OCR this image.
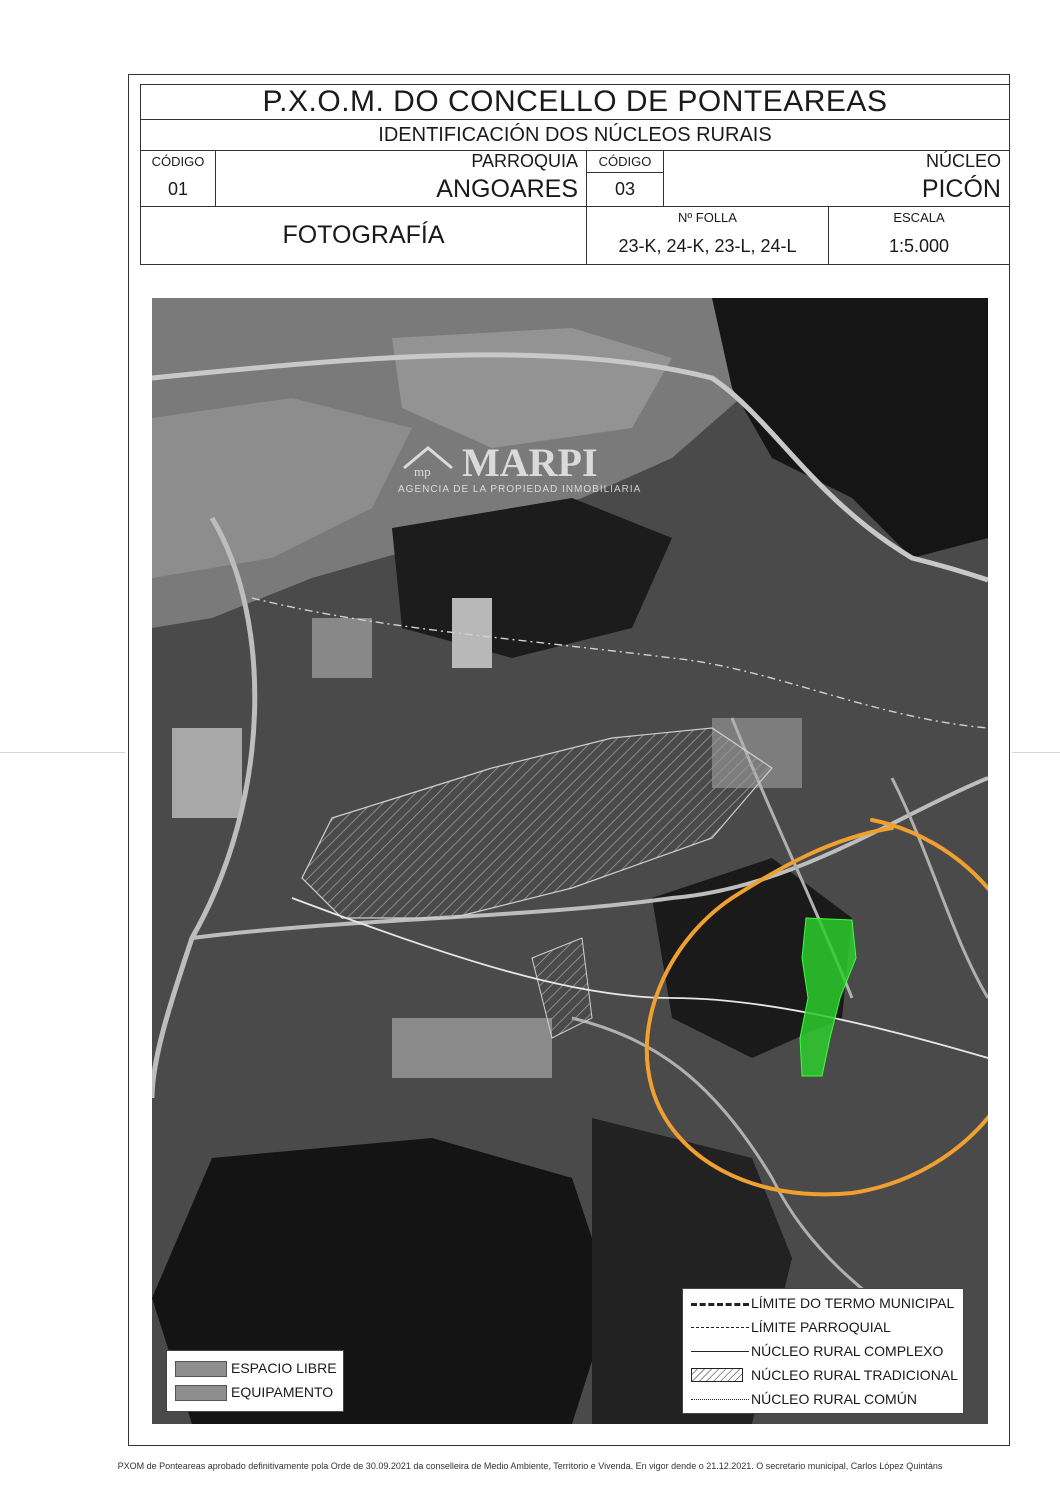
P.X.O.M. DO CONCELLO DE PONTEAREAS				
IDENTIFICACIÓN DOS NÚCLEOS RURAIS				
CÓDIGO	PARROQUIA	CÓDIGO	NÚCLEO	
01	ANGOARES	03	PICÓN	
FOTOGRAFÍA		Nº FOLLA		ESCALA
		23-K, 24-K, 23-L, 24-L		1:5.000
mp MARPI
AGENCIA DE LA PROPIEDAD INMOBILIARIA
ESPACIO LIBRE
EQUIPAMENTO
LÍMITE DO TERMO MUNICIPAL
LÍMITE PARROQUIAL
NÚCLEO RURAL COMPLEXO
NÚCLEO RURAL TRADICIONAL
NÚCLEO RURAL COMÚN
PXOM de Ponteareas aprobado definitivamente pola Orde de 30.09.2021 da conselleira de Medio Ambiente, Territorio e Vivenda. En vigor dende o 21.12.2021. O secretario municipal, Carlos López Quintáns
